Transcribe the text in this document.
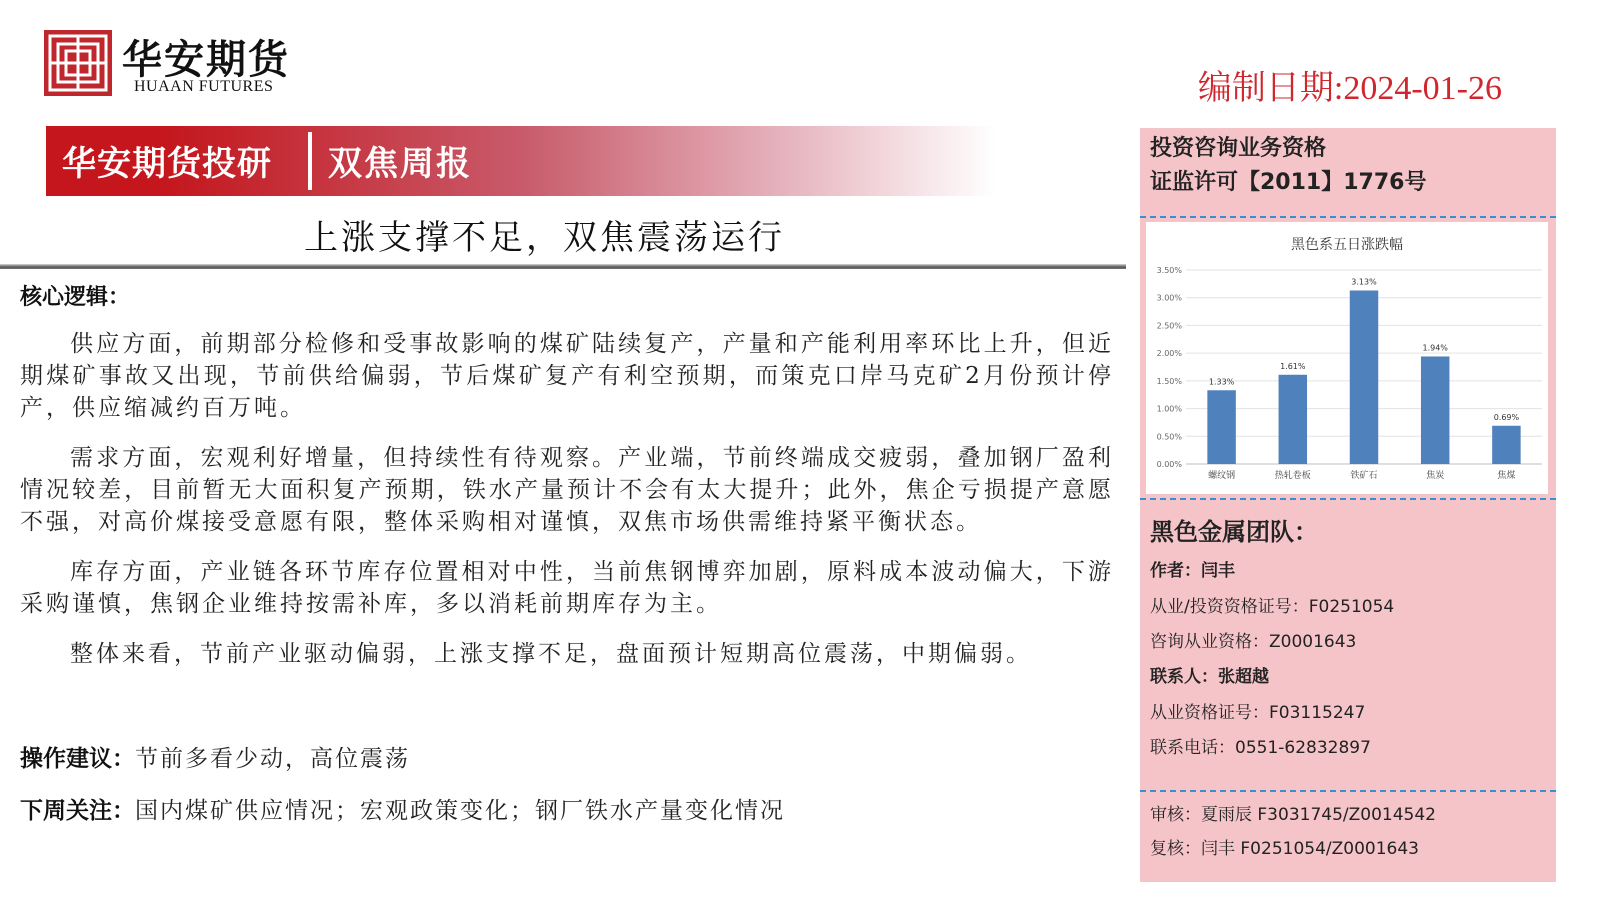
华安期货
HUAAN FUTURES	编制日期:2024-01-26
华安期货投研 双焦周报
上涨支撑不足，双焦震荡运行
核心逻辑：

供应方面，前期部分检修和受事故影响的煤矿陆续复产，产量和产能利用率环比上升，但近期煤矿事故又出现，节前供给偏弱，节后煤矿复产有利空预期，而策克口岸马克矿2月份预计停产，供应缩减约百万吨。

需求方面，宏观利好增量，但持续性有待观察。产业端，节前终端成交疲弱，叠加钢厂盈利情况较差，目前暂无大面积复产预期，铁水产量预计不会有太大提升；此外，焦企亏损提产意愿不强，对高价煤接受意愿有限，整体采购相对谨慎，双焦市场供需维持紧平衡状态。

库存方面，产业链各环节库存位置相对中性，当前焦钢博弈加剧，原料成本波动偏大，下游采购谨慎，焦钢企业维持按需补库，多以消耗前期库存为主。

整体来看，节前产业驱动偏弱，上涨支撑不足，盘面预计短期高位震荡，中期偏弱。

操作建议：节前多看少动，高位震荡
下周关注：国内煤矿供应情况；宏观政策变化；钢厂铁水产量变化情况
投资咨询业务资格
证监许可【2011】1776号
黑色系五日涨跌幅
0.00%
0.50%
1.00%
1.50%
2.00%
2.50%
3.00%
3.50%
1.33%
螺纹钢
1.61%
热轧卷板
3.13%
铁矿石
1.94%
焦炭
0.69%
焦煤
黑色金属团队：
作者：闫丰
从业/投资资格证号：F0251054
咨询从业资格：Z0001643
联系人：张超越
从业资格证号：F03115247
联系电话：0551-62832897
审核：夏雨辰 F3031745/Z0014542
复核：闫丰 F0251054/Z0001643
